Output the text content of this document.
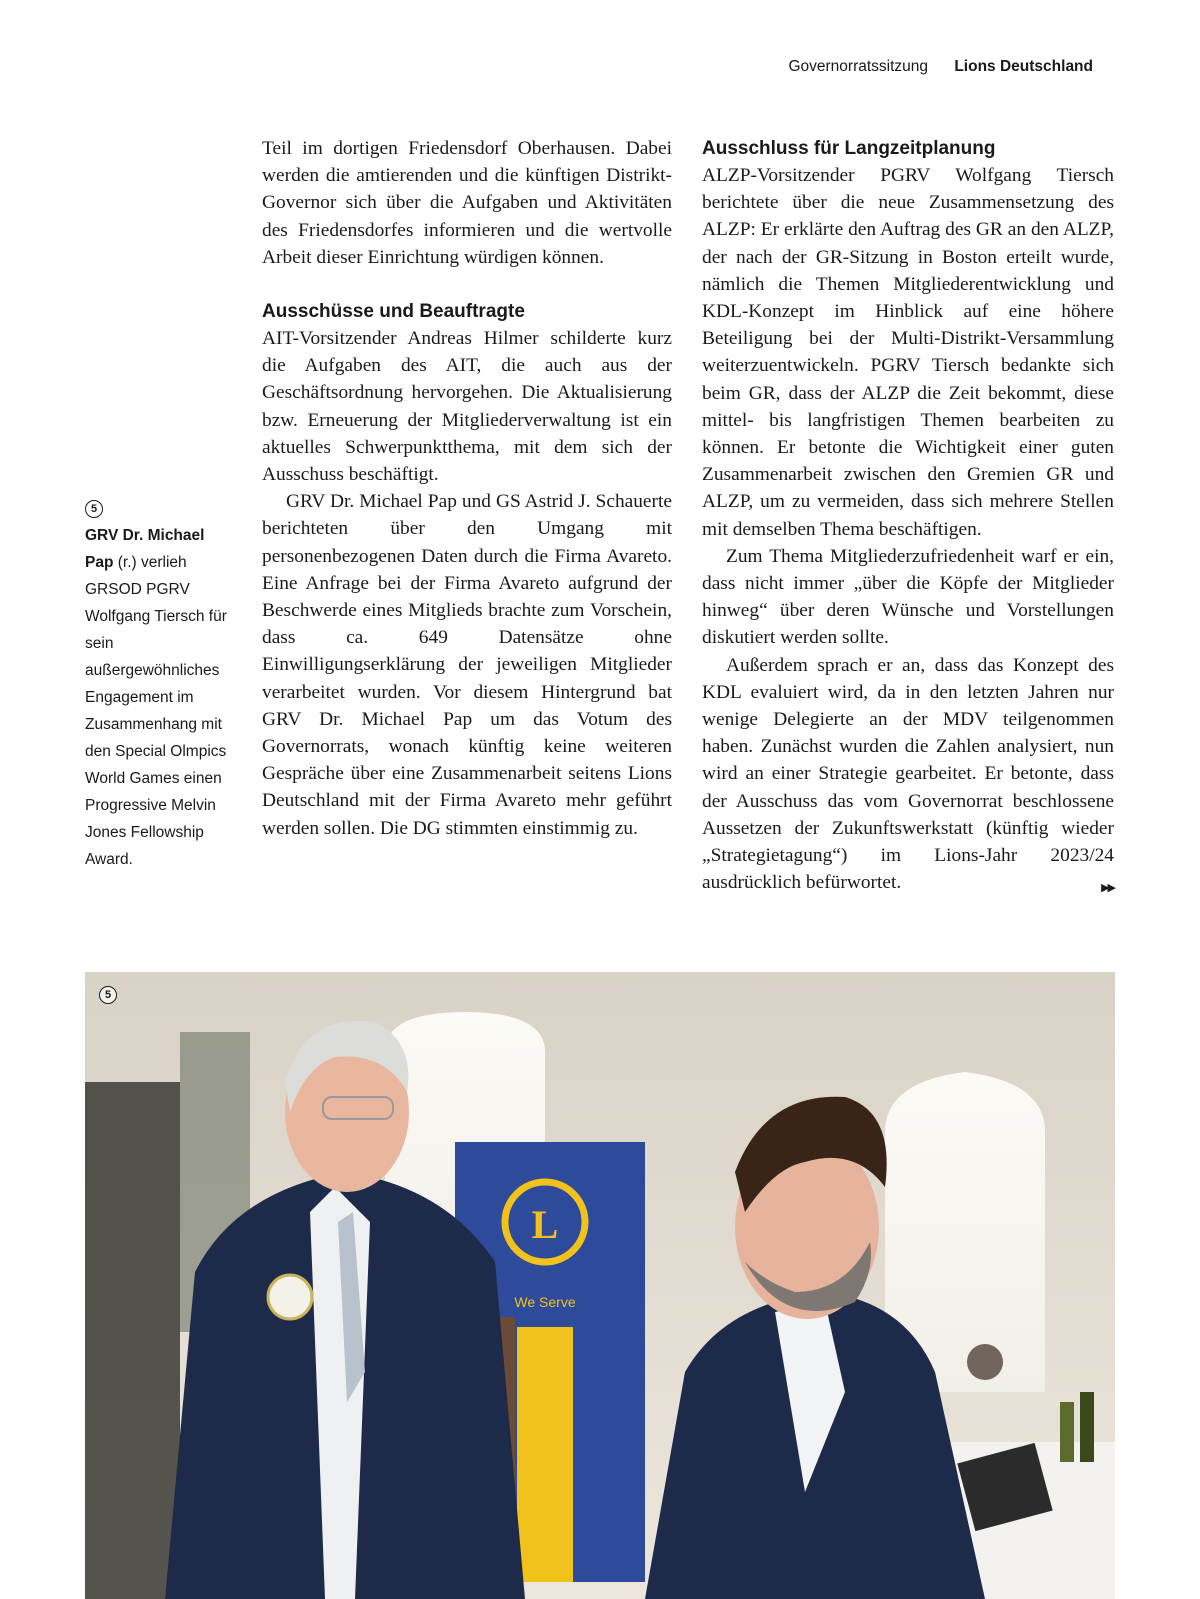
Governorratssitzung Lions Deutschland
5

GRV Dr. Michael Pap (r.) verlieh GRSOD PGRV Wolfgang Tiersch für sein außergewöhnliches Engagement im Zusammenhang mit den Special Olmpics World Games einen Progressive Melvin Jones Fellowship Award.

Teil im dortigen Friedensdorf Oberhausen. Dabei werden die amtierenden und die künftigen Distrikt-Governor sich über die Aufgaben und Aktivitäten des Friedensdorfes informieren und die wertvolle Arbeit dieser Einrichtung würdigen können.

Ausschüsse und Beauftragte

AIT-Vorsitzender Andreas Hilmer schilderte kurz die Aufgaben des AIT, die auch aus der Geschäftsordnung hervorgehen. Die Aktualisierung bzw. Erneuerung der Mitgliederverwaltung ist ein aktuelles Schwerpunktthema, mit dem sich der Ausschuss beschäftigt.

GRV Dr. Michael Pap und GS Astrid J. Schauerte berichteten über den Umgang mit personenbezogenen Daten durch die Firma Avareto. Eine Anfrage bei der Firma Avareto aufgrund der Beschwerde eines Mitglieds brachte zum Vorschein, dass ca. 649 Datensätze ohne Einwilligungserklärung der jeweiligen Mitglieder verarbeitet wurden. Vor diesem Hintergrund bat GRV Dr. Michael Pap um das Votum des Governorrats, wonach künftig keine weiteren Gespräche über eine Zusammenarbeit seitens Lions Deutschland mit der Firma Avareto mehr geführt werden sollen. Die DG stimmten einstimmig zu.

Ausschluss für Langzeitplanung

ALZP-Vorsitzender PGRV Wolfgang Tiersch berichtete über die neue Zusammensetzung des ALZP: Er erklärte den Auftrag des GR an den ALZP, der nach der GR-Sitzung in Boston erteilt wurde, nämlich die Themen Mitgliederentwicklung und KDL-Konzept im Hinblick auf eine höhere Beteiligung bei der Multi-Distrikt-Versammlung weiterzuentwickeln. PGRV Tiersch bedankte sich beim GR, dass der ALZP die Zeit bekommt, diese mittel- bis langfristigen Themen bearbeiten zu können. Er betonte die Wichtigkeit einer guten Zusammenarbeit zwischen den Gremien GR und ALZP, um zu vermeiden, dass sich mehrere Stellen mit demselben Thema beschäftigen.

Zum Thema Mitgliederzufriedenheit warf er ein, dass nicht immer „über die Köpfe der Mitglieder hinweg“ über deren Wünsche und Vorstellungen diskutiert werden sollte.

Außerdem sprach er an, dass das Konzept des KDL evaluiert wird, da in den letzten Jahren nur wenige Delegierte an der MDV teilgenommen haben. Zunächst wurden die Zahlen analysiert, nun wird an einer Strategie gearbeitet. Er betonte, dass der Ausschuss das vom Governorrat beschlossene Aussetzen der Zukunftswerkstatt (künftig wieder „Strategietagung“) im Lions-Jahr 2023/24 ausdrücklich befürwortet.	▶▶

L
We Serve
5
